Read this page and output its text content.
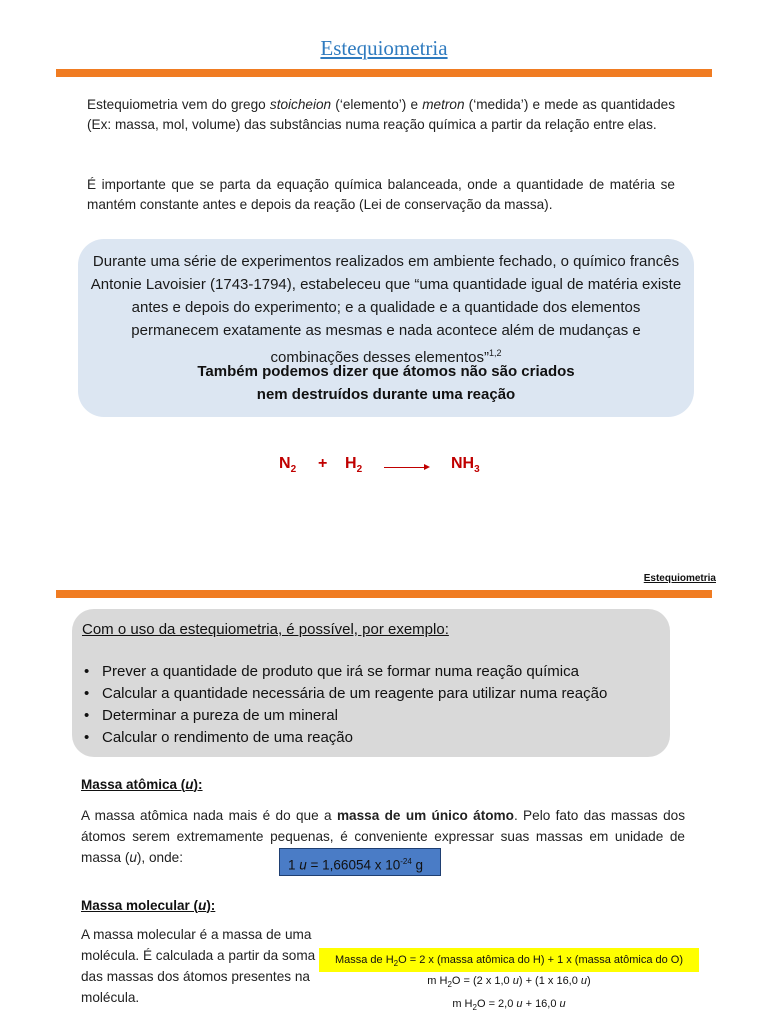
Estequiometria
Estequiometria vem do grego stoicheion (‘elemento’) e metron (‘medida’) e mede as quantidades (Ex: massa, mol, volume) das substâncias numa reação química a partir da relação entre elas.
É importante que se parta da equação química balanceada, onde a quantidade de matéria se mantém constante antes e depois da reação (Lei de conservação da massa).
Durante uma série de experimentos realizados em ambiente fechado, o químico francês Antonie Lavoisier (1743-1794), estabeleceu que “uma quantidade igual de matéria existe antes e depois do experimento; e a qualidade e a quantidade dos elementos permanecem exatamente as mesmas e nada acontece além de mudanças e combinações desses elementos”$^{1,2}$
Também podemos dizer que átomos não são criados
nem destruídos durante uma reação
$N_2 + H_2 \to NH_3$
Estequiometria
Com o uso da estequiometria, é possível, por exemplo:
• Prever a quantidade de produto que irá se formar numa reação química
• Calcular a quantidade necessária de um reagente para utilizar numa reação
• Determinar a pureza de um mineral
• Calcular o rendimento de uma reação
Massa atômica (u):
A massa atômica nada mais é do que a massa de um único átomo. Pelo fato das massas dos átomos serem extremamente pequenas, é conveniente expressar suas massas em unidade de massa (u), onde:	1 u = 1,66054 x $10^{-24}$ g
Massa molecular (u):
A massa molecular é a massa de uma molécula. É calculada a partir da soma das massas dos átomos presentes na molécula.
Massa de $H_2O = 2$ x (massa atômica do H) + 1 x (massa atômica do O)
m $H_2O = (2$ x 1,0 u) + (1 x 16,0 u)
m $H_2O = 2,0$ u + 16,0 u
